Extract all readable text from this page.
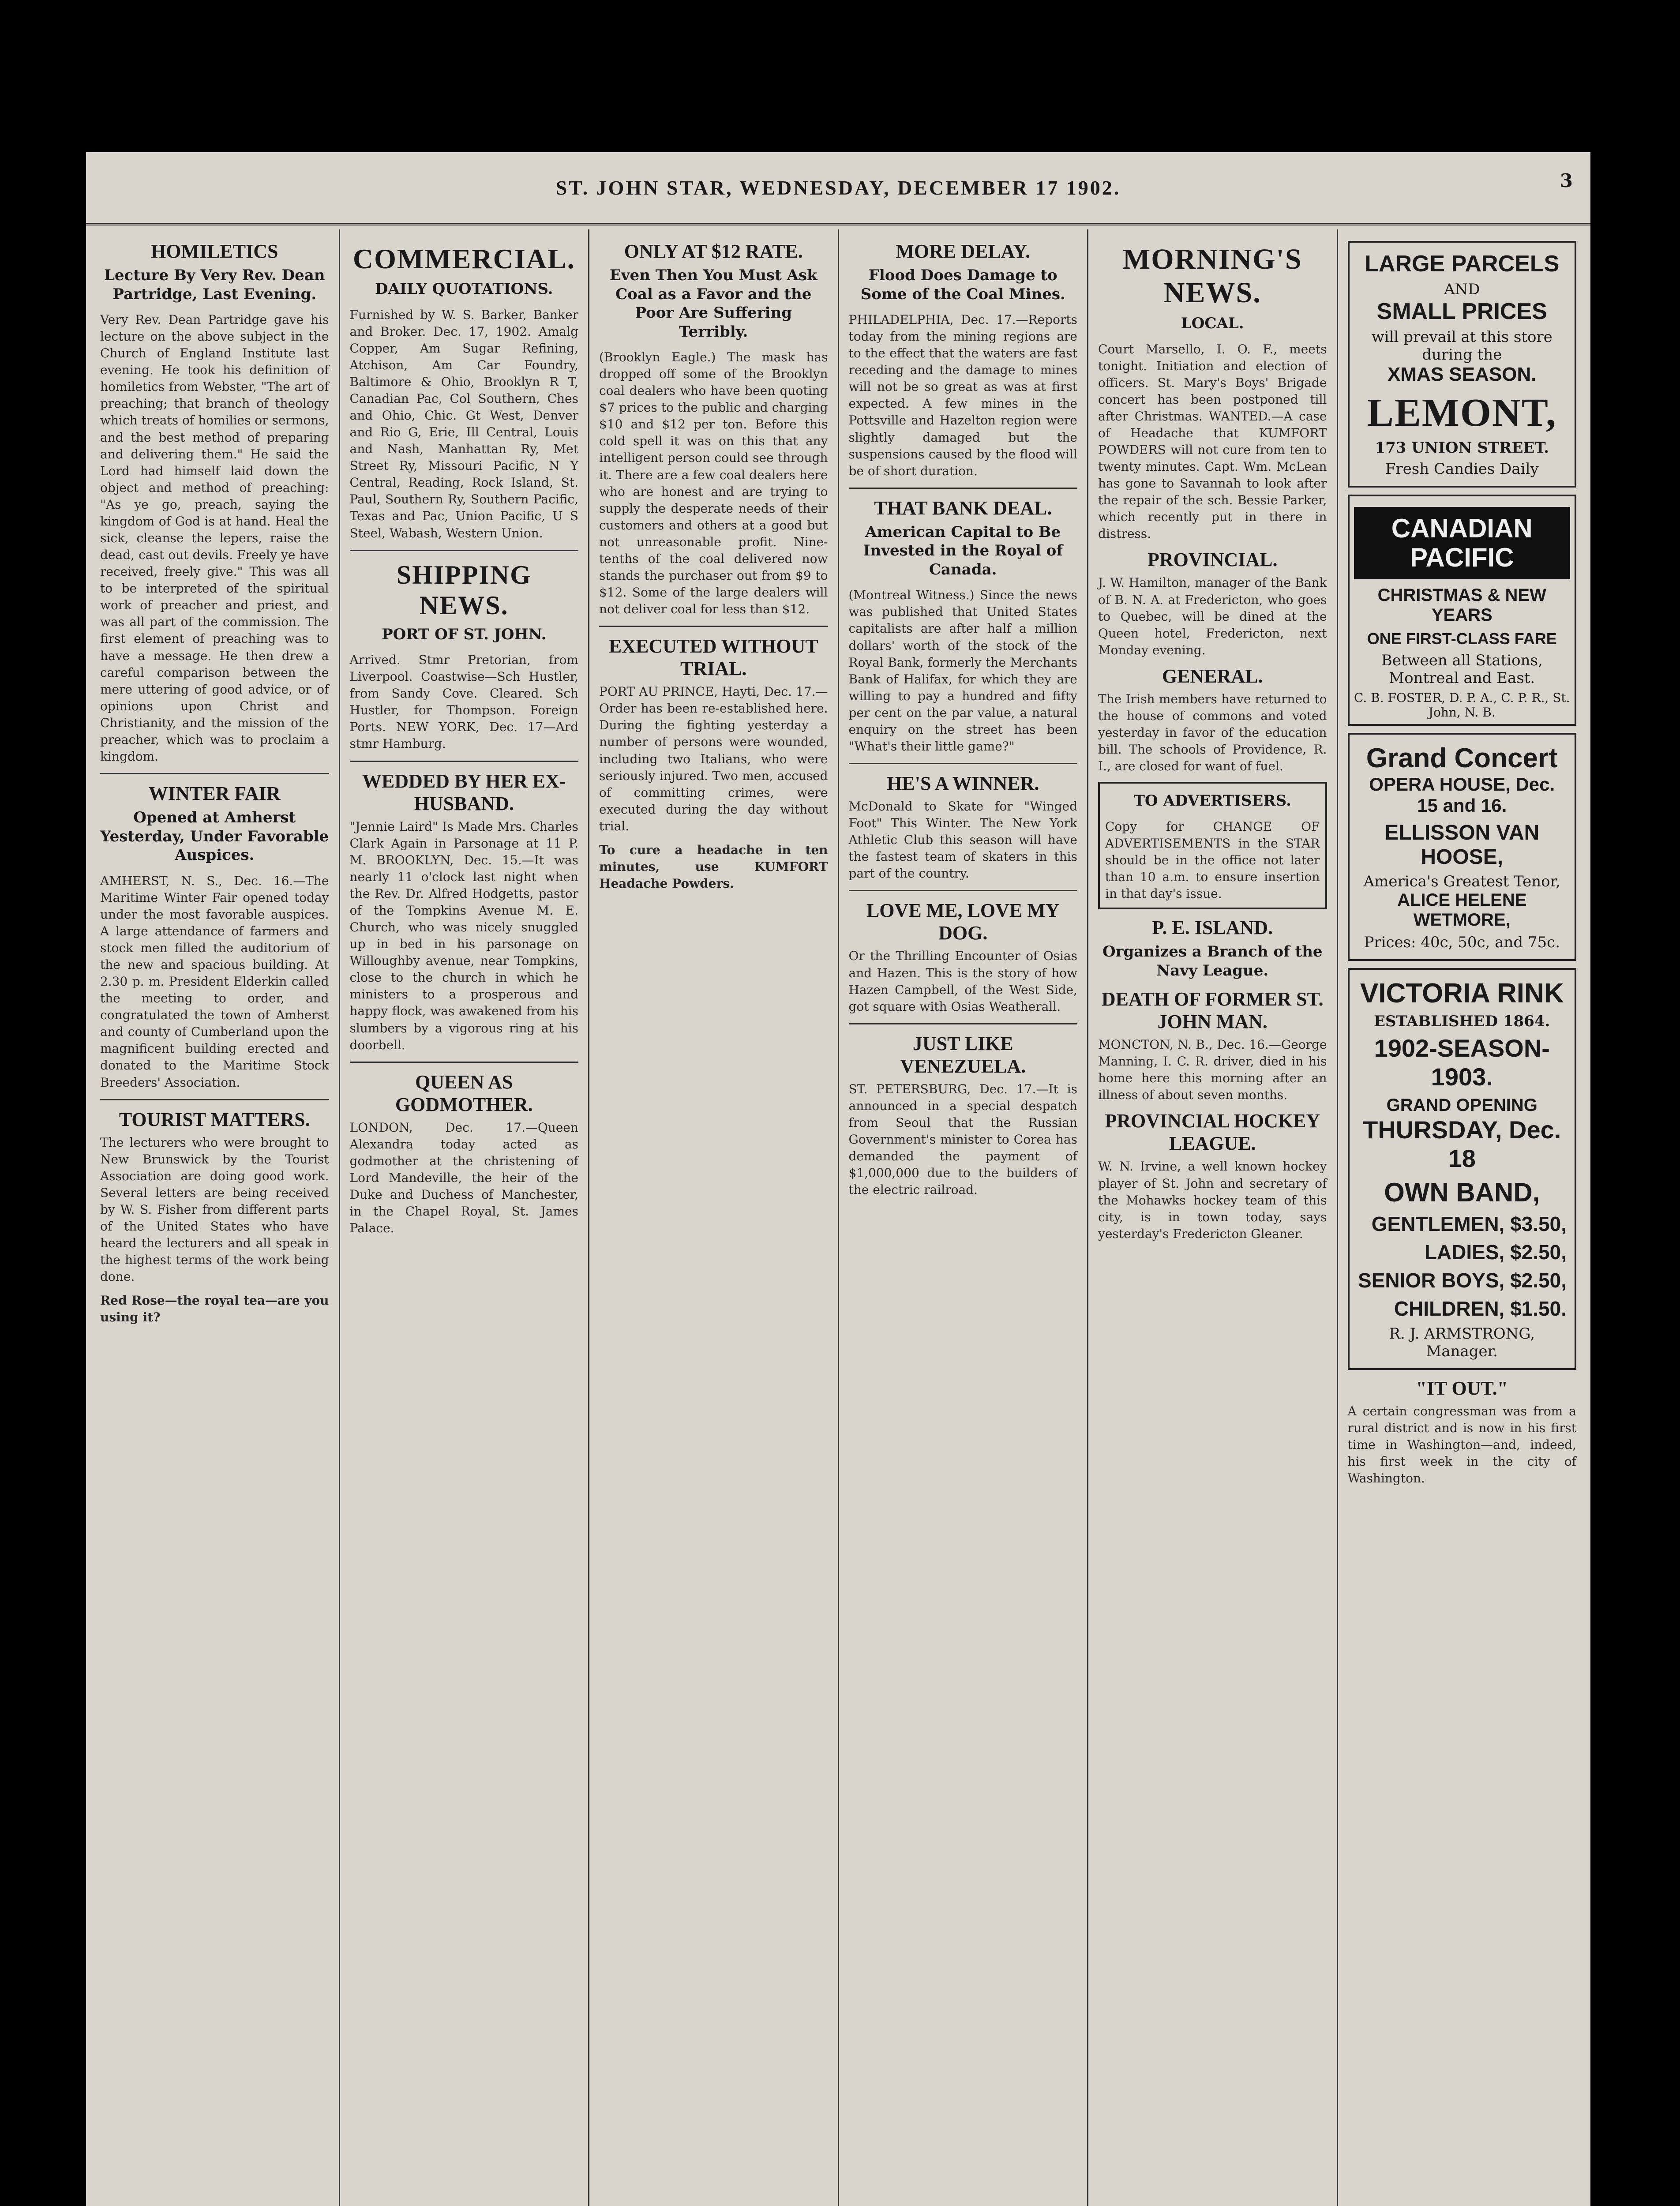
ST. JOHN STAR, WEDNESDAY, DECEMBER 17 1902.	3
HOMILETICS
Lecture By Very Rev. Dean Partridge, Last Evening.
Very Rev. Dean Partridge gave his lecture on the above subject in the Church of England Institute last evening. He took his definition of homiletics from Webster, "The art of preaching; that branch of theology which treats of homilies or sermons, and the best method of preparing and delivering them." He said the Lord had himself laid down the object and method of preaching: "As ye go, preach, saying the kingdom of God is at hand. Heal the sick, cleanse the lepers, raise the dead, cast out devils. Freely ye have received, freely give." This was all to be interpreted of the spiritual work of preacher and priest, and was all part of the commission. The first element of preaching was to have a message. He then drew a careful comparison between the mere uttering of good advice, or of opinions upon Christ and Christianity, and the mission of the preacher, which was to proclaim a kingdom.
WINTER FAIR
Opened at Amherst Yesterday, Under Favorable Auspices.
AMHERST, N. S., Dec. 16.—The Maritime Winter Fair opened today under the most favorable auspices. A large attendance of farmers and stock men filled the auditorium of the new and spacious building. At 2.30 p. m. President Elderkin called the meeting to order, and congratulated the town of Amherst and county of Cumberland upon the magnificent building erected and donated to the Maritime Stock Breeders' Association.
TOURIST MATTERS.
The lecturers who were brought to New Brunswick by the Tourist Association are doing good work. Several letters are being received by W. S. Fisher from different parts of the United States who have heard the lecturers and all speak in the highest terms of the work being done.
Red Rose—the royal tea—are you using it?
COMMERCIAL.
DAILY QUOTATIONS.
Furnished by W. S. Barker, Banker and Broker. Dec. 17, 1902. Amalg Copper, Am Sugar Refining, Atchison, Am Car Foundry, Baltimore & Ohio, Brooklyn R T, Canadian Pac, Col Southern, Ches and Ohio, Chic. Gt West, Denver and Rio G, Erie, Ill Central, Louis and Nash, Manhattan Ry, Met Street Ry, Missouri Pacific, N Y Central, Reading, Rock Island, St. Paul, Southern Ry, Southern Pacific, Texas and Pac, Union Pacific, U S Steel, Wabash, Western Union.
SHIPPING NEWS.
PORT OF ST. JOHN.
Arrived. Stmr Pretorian, from Liverpool. Coastwise—Sch Hustler, from Sandy Cove. Cleared. Sch Hustler, for Thompson. Foreign Ports. NEW YORK, Dec. 17—Ard stmr Hamburg.
WEDDED BY HER EX-HUSBAND.
"Jennie Laird" Is Made Mrs. Charles Clark Again in Parsonage at 11 P. M. BROOKLYN, Dec. 15.—It was nearly 11 o'clock last night when the Rev. Dr. Alfred Hodgetts, pastor of the Tompkins Avenue M. E. Church, who was nicely snuggled up in bed in his parsonage on Willoughby avenue, near Tompkins, close to the church in which he ministers to a prosperous and happy flock, was awakened from his slumbers by a vigorous ring at his doorbell.
QUEEN AS GODMOTHER.
LONDON, Dec. 17.—Queen Alexandra today acted as godmother at the christening of Lord Mandeville, the heir of the Duke and Duchess of Manchester, in the Chapel Royal, St. James Palace.
ONLY AT $12 RATE.
Even Then You Must Ask Coal as a Favor and the Poor Are Suffering Terribly.
(Brooklyn Eagle.) The mask has dropped off some of the Brooklyn coal dealers who have been quoting $7 prices to the public and charging $10 and $12 per ton. Before this cold spell it was on this that any intelligent person could see through it. There are a few coal dealers here who are honest and are trying to supply the desperate needs of their customers and others at a good but not unreasonable profit. Nine-tenths of the coal delivered now stands the purchaser out from $9 to $12. Some of the large dealers will not deliver coal for less than $12.
EXECUTED WITHOUT TRIAL.
PORT AU PRINCE, Hayti, Dec. 17.—Order has been re-established here. During the fighting yesterday a number of persons were wounded, including two Italians, who were seriously injured. Two men, accused of committing crimes, were executed during the day without trial.
To cure a headache in ten minutes, use KUMFORT Headache Powders.
MORE DELAY.
Flood Does Damage to Some of the Coal Mines.
PHILADELPHIA, Dec. 17.—Reports today from the mining regions are to the effect that the waters are fast receding and the damage to mines will not be so great as was at first expected. A few mines in the Pottsville and Hazelton region were slightly damaged but the suspensions caused by the flood will be of short duration.
THAT BANK DEAL.
American Capital to Be Invested in the Royal of Canada.
(Montreal Witness.) Since the news was published that United States capitalists are after half a million dollars' worth of the stock of the Royal Bank, formerly the Merchants Bank of Halifax, for which they are willing to pay a hundred and fifty per cent on the par value, a natural enquiry on the street has been "What's their little game?"
HE'S A WINNER.
McDonald to Skate for "Winged Foot" This Winter. The New York Athletic Club this season will have the fastest team of skaters in this part of the country.
LOVE ME, LOVE MY DOG.
Or the Thrilling Encounter of Osias and Hazen. This is the story of how Hazen Campbell, of the West Side, got square with Osias Weatherall.
JUST LIKE VENEZUELA.
ST. PETERSBURG, Dec. 17.—It is announced in a special despatch from Seoul that the Russian Government's minister to Corea has demanded the payment of $1,000,000 due to the builders of the electric railroad.
MORNING'S NEWS.
LOCAL.
Court Marsello, I. O. F., meets tonight. Initiation and election of officers. St. Mary's Boys' Brigade concert has been postponed till after Christmas. WANTED.—A case of Headache that KUMFORT POWDERS will not cure from ten to twenty minutes. Capt. Wm. McLean has gone to Savannah to look after the repair of the sch. Bessie Parker, which recently put in there in distress.
PROVINCIAL.
J. W. Hamilton, manager of the Bank of B. N. A. at Fredericton, who goes to Quebec, will be dined at the Queen hotel, Fredericton, next Monday evening.
GENERAL.
The Irish members have returned to the house of commons and voted yesterday in favor of the education bill. The schools of Providence, R. I., are closed for want of fuel.
TO ADVERTISERS.
Copy for CHANGE OF ADVERTISEMENTS in the STAR should be in the office not later than 10 a.m. to ensure insertion in that day's issue.
P. E. ISLAND.
Organizes a Branch of the Navy League.
DEATH OF FORMER ST. JOHN MAN.
MONCTON, N. B., Dec. 16.—George Manning, I. C. R. driver, died in his home here this morning after an illness of about seven months.
PROVINCIAL HOCKEY LEAGUE.
W. N. Irvine, a well known hockey player of St. John and secretary of the Mohawks hockey team of this city, is in town today, says yesterday's Fredericton Gleaner.
LARGE PARCELS
AND
SMALL PRICES
will prevail at this store during the
XMAS SEASON.
LEMONT,
173 UNION STREET.
Fresh Candies Daily
CANADIAN
PACIFIC
CHRISTMAS & NEW YEARS
ONE FIRST-CLASS FARE
Between all Stations, Montreal and East.
C. B. FOSTER, D. P. A., C. P. R., St. John, N. B.
Grand Concert
OPERA HOUSE, Dec. 15 and 16.
ELLISSON VAN HOOSE,
America's Greatest Tenor,
ALICE HELENE WETMORE,
Prices: 40c, 50c, and 75c.
VICTORIA RINK
ESTABLISHED 1864.
1902-SEASON-1903.
GRAND OPENING
THURSDAY, Dec. 18
OWN BAND,
GENTLEMEN, $3.50,
LADIES, $2.50,
SENIOR BOYS, $2.50,
CHILDREN, $1.50.
R. J. ARMSTRONG, Manager.
"IT OUT."
A certain congressman was from a rural district and is now in his first time in Washington—and, indeed, his first week in the city of Washington.
